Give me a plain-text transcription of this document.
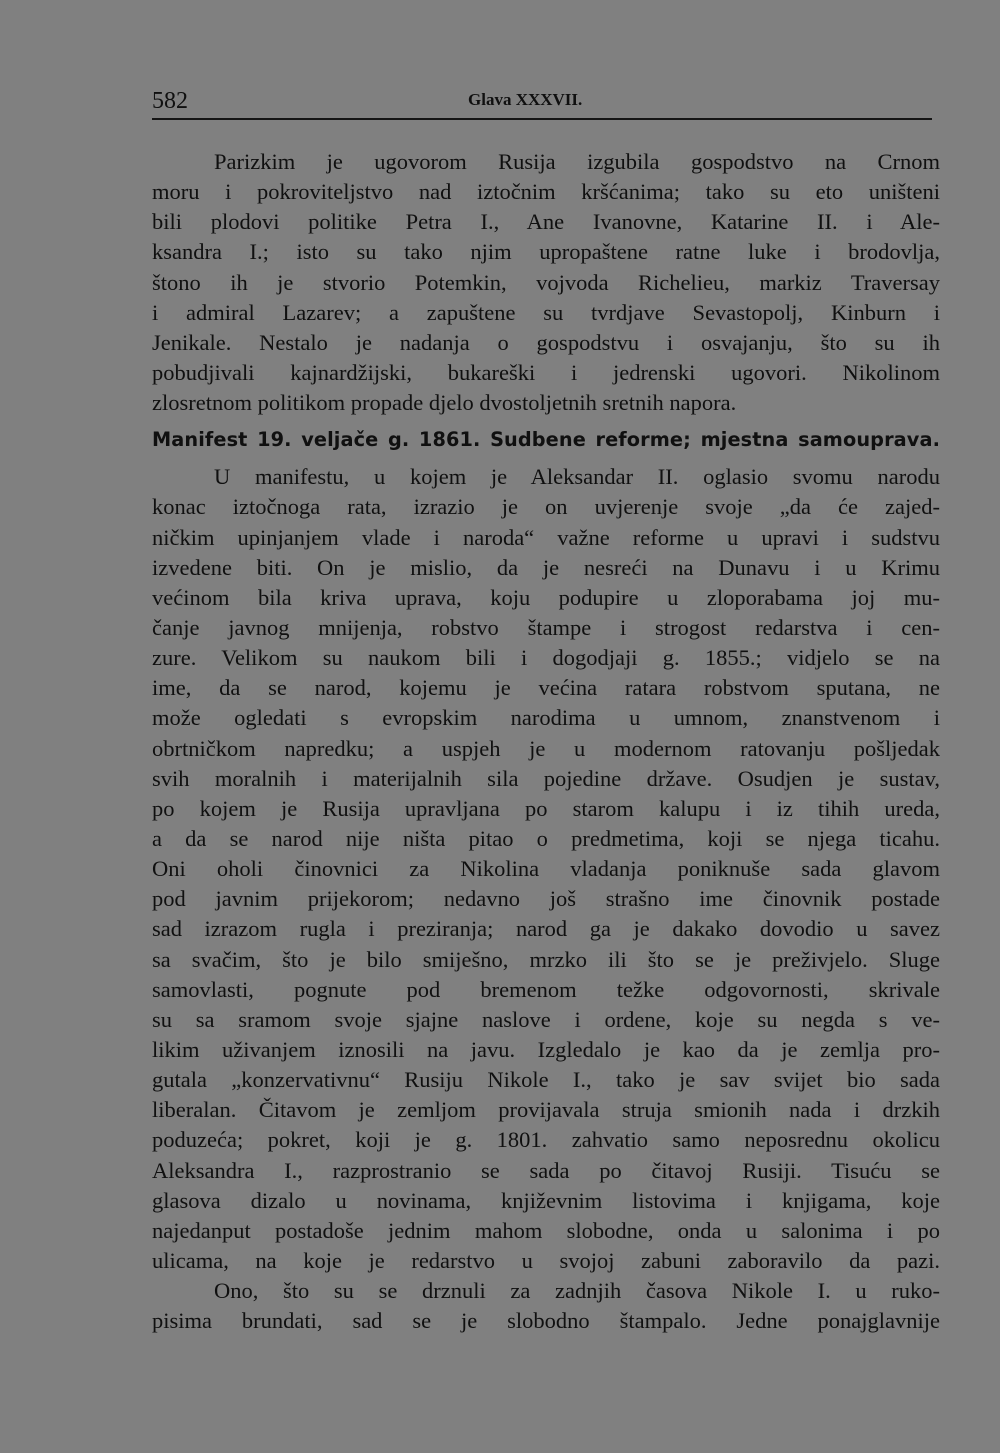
582	Glava XXXVII.
Parizkim je ugovorom Rusija izgubila gospodstvo na Crnom
moru i pokroviteljstvo nad iztočnim kršćanima; tako su eto uništeni
bili plodovi politike Petra I., Ane Ivanovne, Katarine II. i Ale-
ksandra I.; isto su tako njim upropaštene ratne luke i brodovlja,
štono ih je stvorio Potemkin, vojvoda Richelieu, markiz Traversay
i admiral Lazarev; a zapuštene su tvrdjave Sevastopolj, Kinburn i
Jenikale. Nestalo je nadanja o gospodstvu i osvajanju, što su ih
pobudjivali kajnardžijski, bukareški i jedrenski ugovori. Nikolinom
zlosretnom politikom propade djelo dvostoljetnih sretnih napora.
Manifest 19. veljače g. 1861. Sudbene reforme; mjestna samouprava.
U manifestu, u kojem je Aleksandar II. oglasio svomu narodu
konac iztočnoga rata, izrazio je on uvjerenje svoje „da će zajed-
ničkim upinjanjem vlade i naroda“ važne reforme u upravi i sudstvu
izvedene biti. On je mislio, da je nesreći na Dunavu i u Krimu
većinom bila kriva uprava, koju podupire u zloporabama joj mu-
čanje javnog mnijenja, robstvo štampe i strogost redarstva i cen-
zure. Velikom su naukom bili i dogodjaji g. 1855.; vidjelo se na
ime, da se narod, kojemu je većina ratara robstvom sputana, ne
može ogledati s evropskim narodima u umnom, znanstvenom i
obrtničkom napredku; a uspjeh je u modernom ratovanju pošljedak
svih moralnih i materijalnih sila pojedine države. Osudjen je sustav,
po kojem je Rusija upravljana po starom kalupu i iz tihih ureda,
a da se narod nije ništa pitao o predmetima, koji se njega ticahu.
Oni oholi činovnici za Nikolina vladanja poniknuše sada glavom
pod javnim prijekorom; nedavno još strašno ime činovnik postade
sad izrazom rugla i preziranja; narod ga je dakako dovodio u savez
sa svačim, što je bilo smiješno, mrzko ili što se je preživjelo. Sluge
samovlasti, pognute pod bremenom težke odgovornosti, skrivale
su sa sramom svoje sjajne naslove i ordene, koje su negda s ve-
likim uživanjem iznosili na javu. Izgledalo je kao da je zemlja pro-
gutala „konzervativnu“ Rusiju Nikole I., tako je sav svijet bio sada
liberalan. Čitavom je zemljom provijavala struja smionih nada i drzkih
poduzeća; pokret, koji je g. 1801. zahvatio samo neposrednu okolicu
Aleksandra I., razprostranio se sada po čitavoj Rusiji. Tisuću se
glasova dizalo u novinama, književnim listovima i knjigama, koje
najedanput postadoše jednim mahom slobodne, onda u salonima i po
ulicama, na koje je redarstvo u svojoj zabuni zaboravilo da pazi.
Ono, što su se drznuli za zadnjih časova Nikole I. u ruko-
pisima brundati, sad se je slobodno štampalo. Jedne ponajglavnije
